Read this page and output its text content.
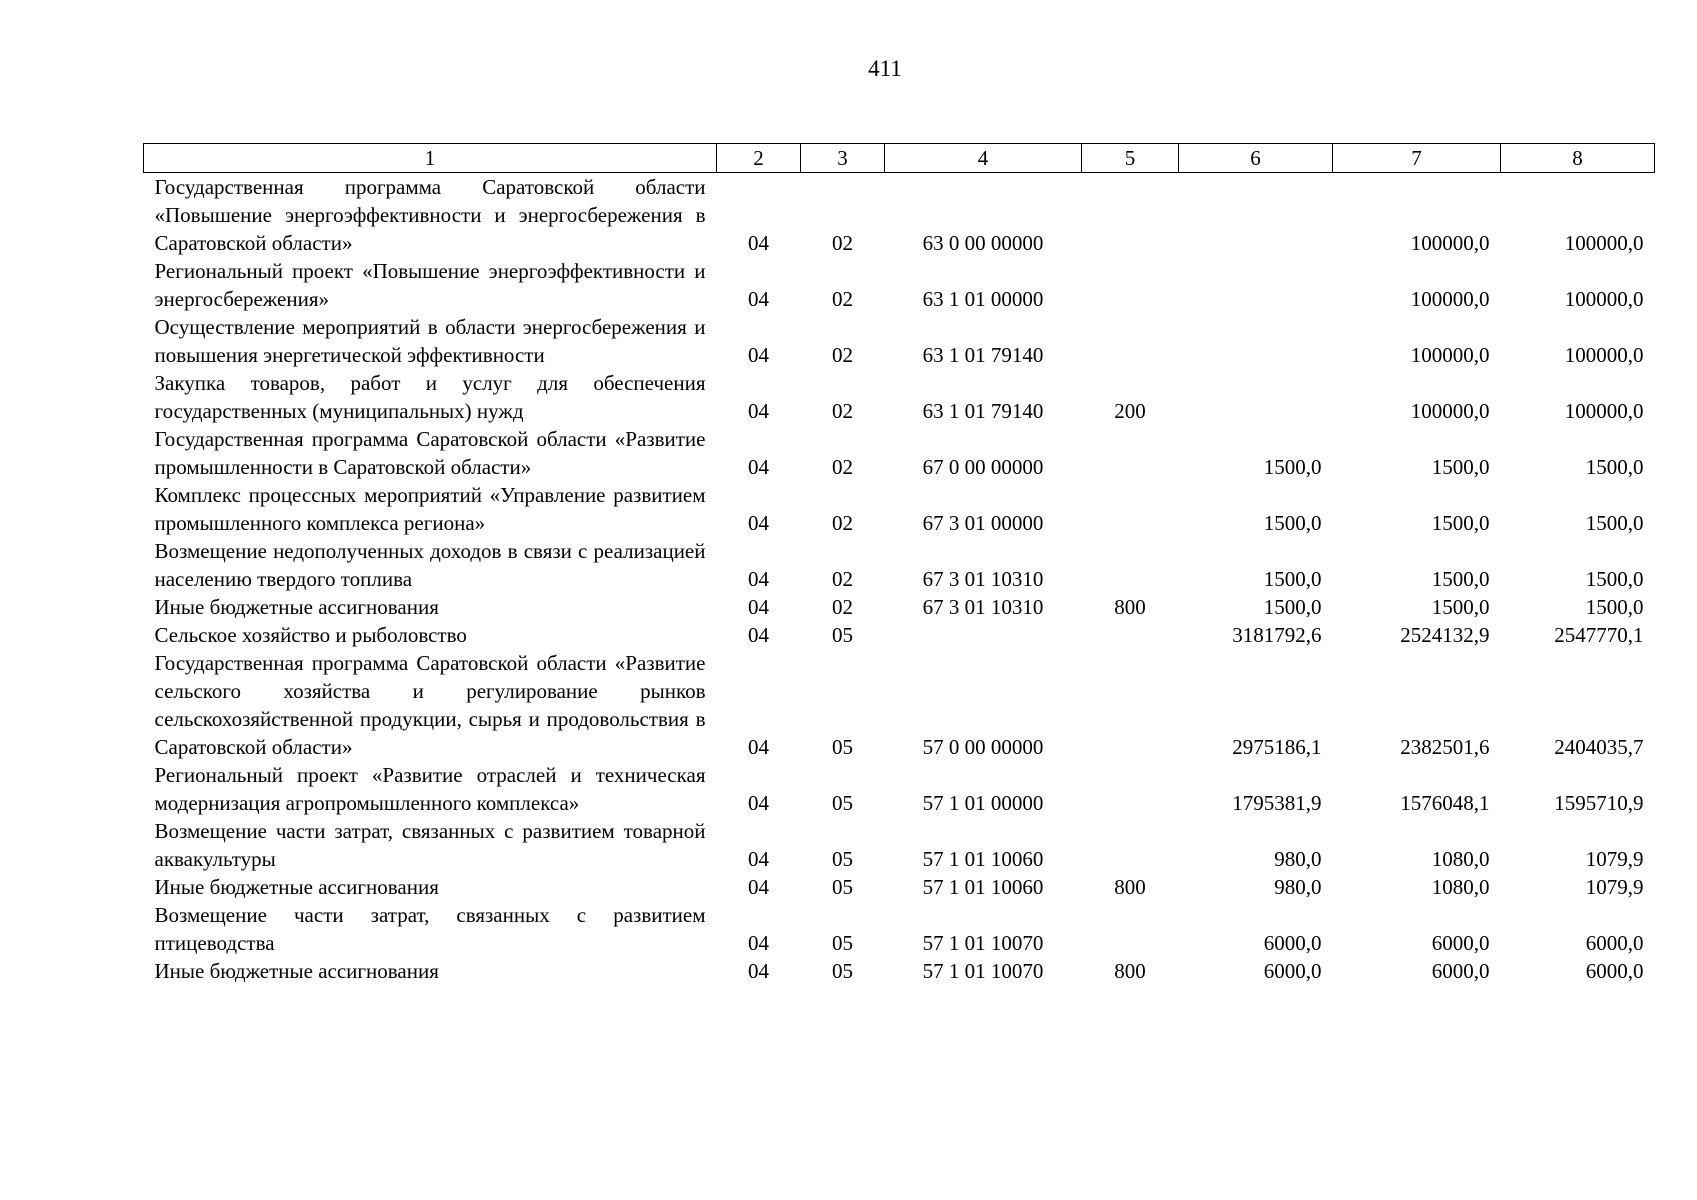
411
1	2	3	4	5	6	7	8
Государственная программа Саратовской области «Повышение энергоэффективности и энергосбережения в Саратовской области»	04	02	63 0 00 00000			100000,0	100000,0
Региональный проект «Повышение энергоэффективности и энергосбережения»	04	02	63 1 01 00000			100000,0	100000,0
Осуществление мероприятий в области энергосбережения и повышения энергетической эффективности	04	02	63 1 01 79140			100000,0	100000,0
Закупка товаров, работ и услуг для обеспечения государственных (муниципальных) нужд	04	02	63 1 01 79140	200		100000,0	100000,0
Государственная программа Саратовской области «Развитие промышленности в Саратовской области»	04	02	67 0 00 00000		1500,0	1500,0	1500,0
Комплекс процессных мероприятий «Управление развитием промышленного комплекса региона»	04	02	67 3 01 00000		1500,0	1500,0	1500,0
Возмещение недополученных доходов в связи с реализацией населению твердого топлива	04	02	67 3 01 10310		1500,0	1500,0	1500,0
Иные бюджетные ассигнования	04	02	67 3 01 10310	800	1500,0	1500,0	1500,0
Сельское хозяйство и рыболовство	04	05			3181792,6	2524132,9	2547770,1
Государственная программа Саратовской области «Развитие сельского хозяйства и регулирование рынков сельскохозяйственной продукции, сырья и продовольствия в Саратовской области»	04	05	57 0 00 00000		2975186,1	2382501,6	2404035,7
Региональный проект «Развитие отраслей и техническая модернизация агропромышленного комплекса»	04	05	57 1 01 00000		1795381,9	1576048,1	1595710,9
Возмещение части затрат, связанных с развитием товарной аквакультуры	04	05	57 1 01 10060		980,0	1080,0	1079,9
Иные бюджетные ассигнования	04	05	57 1 01 10060	800	980,0	1080,0	1079,9
Возмещение части затрат, связанных с развитием птицеводства	04	05	57 1 01 10070		6000,0	6000,0	6000,0
Иные бюджетные ассигнования	04	05	57 1 01 10070	800	6000,0	6000,0	6000,0
